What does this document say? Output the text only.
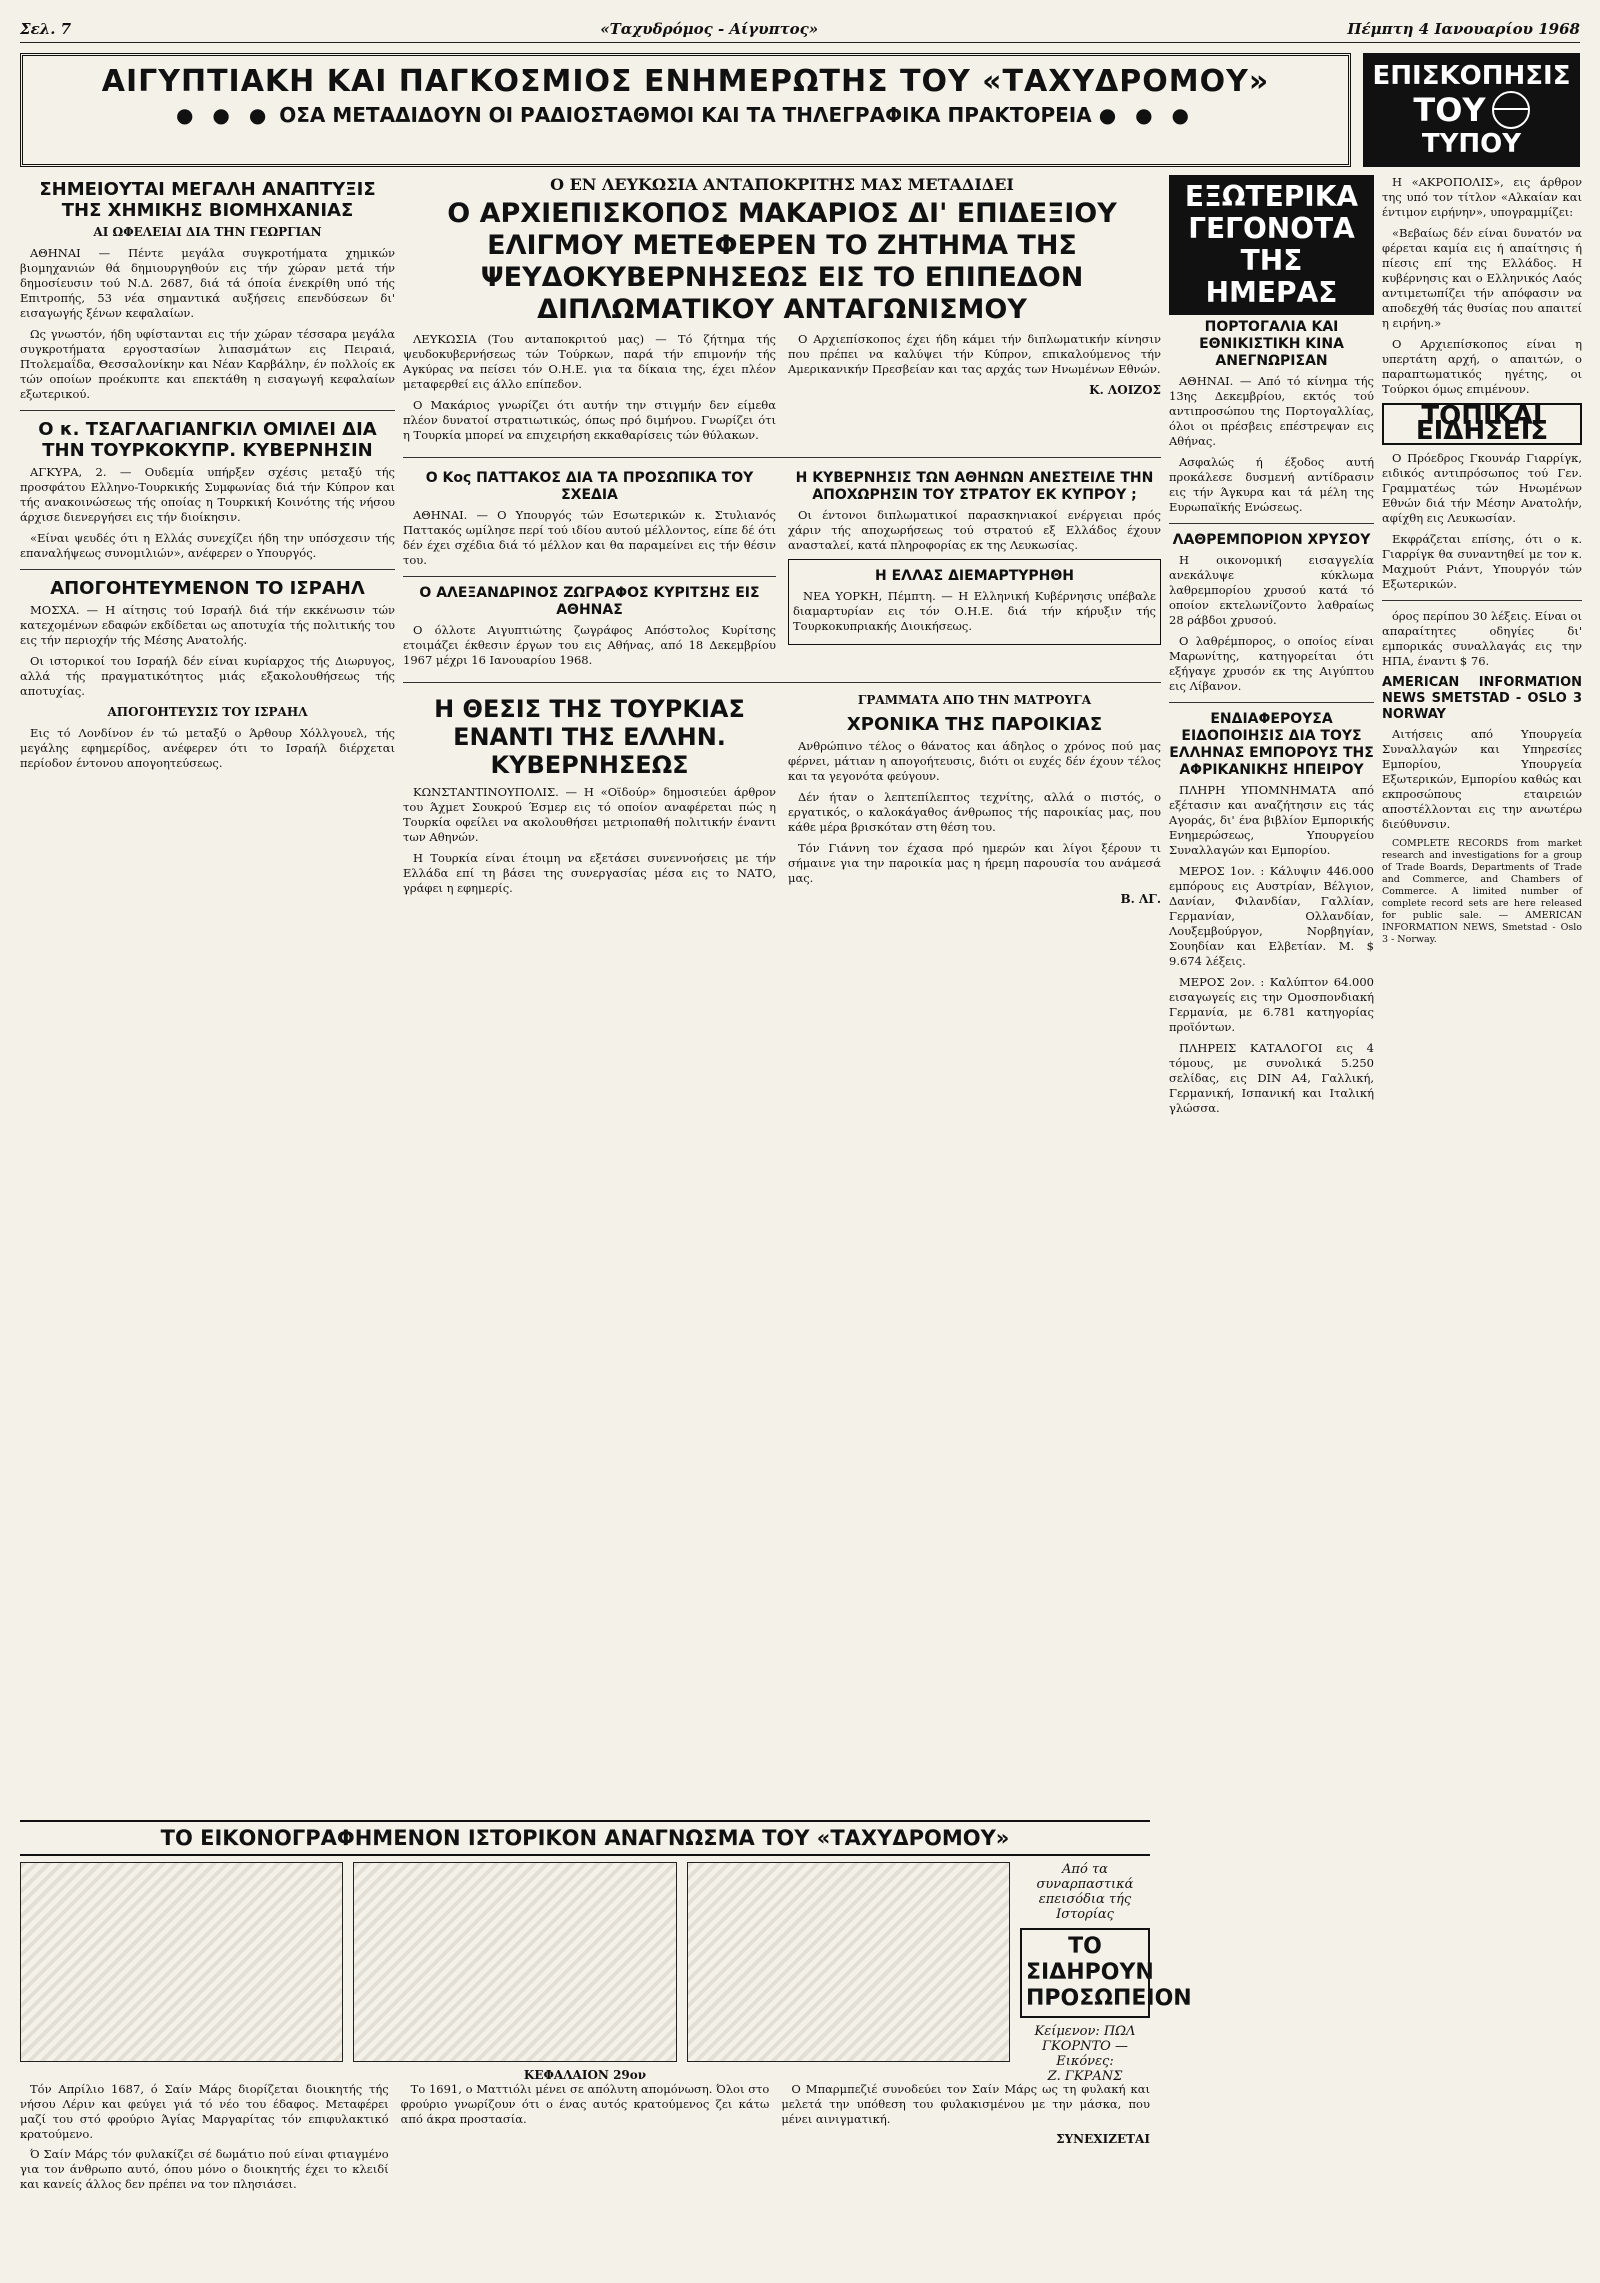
Σελ. 7	«Ταχυδρόμος - Αίγυπτος»	Πέμπτη 4 Ιανουαρίου 1968
ΑΙΓΥΠΤΙΑΚΗ ΚΑΙ ΠΑΓΚΟΣΜΙΟΣ ΕΝΗΜΕΡΩΤΗΣ ΤΟΥ «ΤΑΧΥΔΡΟΜΟΥ»
● ● ● ΟΣΑ ΜΕΤΑΔΙΔΟΥΝ ΟΙ ΡΑΔΙΟΣΤΑΘΜΟΙ ΚΑΙ ΤΑ ΤΗΛΕΓΡΑΦΙΚΑ ΠΡΑΚΤΟΡΕΙΑ ● ● ●
ΕΠΙΣΚΟΠΗΣΙΣ
ΤΟΥ
ΤΥΠΟΥ
ΣΗΜΕΙΟΥΤΑΙ ΜΕΓΑΛΗ ΑΝΑΠΤΥΞΙΣ ΤΗΣ ΧΗΜΙΚΗΣ ΒΙΟΜΗΧΑΝΙΑΣ
ΑΙ ΩΦΕΛΕΙΑΙ ΔΙΑ ΤΗΝ ΓΕΩΡΓΙΑΝ

ΑΘΗΝΑΙ — Πέντε μεγάλα συγκροτήματα χημικών βιομηχανιών θά δημιουργηθούν εις τήν χώραν μετά τήν δημοσίευσιν τού Ν.Δ. 2687, διά τά όποία ένεκρίθη υπό τής Επιτροπής, 53 νέα σημαντικά αυξήσεις επενδύσεων δι' εισαγωγής ξένων κεφαλαίων.

Ως γνωστόν, ήδη υφίστανται εις τήν χώραν τέσσαρα μεγάλα συγκροτήματα εργοστασίων λιπασμάτων εις Πειραιά, Πτολεμαΐδα, Θεσσαλονίκην και Νέαν Καρβάλην, έν πολλοίς εκ τών οποίων προέκυπτε και επεκτάθη η εισαγωγή κεφαλαίων εξωτερικού.

Ο κ. ΤΣΑΓΛΑΓΙΑΝΓΚΙΛ ΟΜΙΛΕΙ ΔΙΑ ΤΗΝ ΤΟΥΡΚΟΚΥΠΡ. ΚΥΒΕΡΝΗΣΙΝ

ΑΓΚΥΡΑ, 2. — Ουδεμία υπήρξεν σχέσις μεταξύ τής προσφάτου Ελληνο-Τουρκικής Συμφωνίας διά τήν Κύπρον και τής ανακοινώσεως τής οποίας η Τουρκική Κοινότης τής νήσου άρχισε διενεργήσει εις τήν διοίκησιν.

«Είναι ψευδές ότι η Ελλάς συνεχίζει ήδη την υπόσχεσιν τής επαναλήψεως συνομιλιών», ανέφερεν ο Υπουργός.

ΑΠΟΓΟΗΤΕΥΜΕΝΟΝ ΤΟ ΙΣΡΑΗΛ

ΜΟΣΧΑ. — Η αίτησις τού Ισραήλ διά τήν εκκένωσιν τών κατεχομένων εδαφών εκδίδεται ως αποτυχία τής πολιτικής του εις τήν περιοχήν τής Μέσης Ανατολής.

Οι ιστορικοί του Ισραήλ δέν είναι κυρίαρχος τής Διωρυγος, αλλά τής πραγματικότητος μιάς εξακολουθήσεως τής αποτυχίας.

ΑΠΟΓΟΗΤΕΥΣΙΣ ΤΟΥ ΙΣΡΑΗΛ

Εις τό Λονδίνον έν τώ μεταξύ ο Άρθουρ Χόλλγουελ, τής μεγάλης εφημερίδος, ανέφερεν ότι το Ισραήλ διέρχεται περίοδον έντονου απογοητεύσεως.

Ο ΕΝ ΛΕΥΚΩΣΙΑ ΑΝΤΑΠΟΚΡΙΤΗΣ ΜΑΣ ΜΕΤΑΔΙΔΕΙ
Ο ΑΡΧΙΕΠΙΣΚΟΠΟΣ ΜΑΚΑΡΙΟΣ ΔΙ' ΕΠΙΔΕΞΙΟΥ ΕΛΙΓΜΟΥ ΜΕΤΕΦΕΡΕΝ ΤΟ ΖΗΤΗΜΑ ΤΗΣ ΨΕΥΔΟΚΥΒΕΡΝΗΣΕΩΣ ΕΙΣ ΤΟ ΕΠΙΠΕΔΟΝ ΔΙΠΛΩΜΑΤΙΚΟΥ ΑΝΤΑΓΩΝΙΣΜΟΥ

ΛΕΥΚΩΣΙΑ (Του ανταποκριτού μας) — Τό ζήτημα τής ψευδοκυβερνήσεως τών Τούρκων, παρά τήν επιμονήν τής Αγκύρας να πείσει τόν Ο.Η.Ε. για τα δίκαια της, έχει πλέον μεταφερθεί εις άλλο επίπεδον.

Ο Μακάριος γνωρίζει ότι αυτήν την στιγμήν δεν είμεθα πλέον δυνατοί στρατιωτικώς, όπως πρό διμήνου. Γνωρίζει ότι η Τουρκία μπορεί να επιχειρήση εκκαθαρίσεις τών θύλακων.

Ο Αρχιεπίσκοπος έχει ήδη κάμει τήν διπλωματικήν κίνησιν που πρέπει να καλύψει τήν Κύπρον, επικαλούμενος τήν Αμερικανικήν Πρεσβείαν και τας αρχάς των Ηνωμένων Εθνών.

Κ. ΛΟΙΖΟΣ
Ο Κος ΠΑΤΤΑΚΟΣ ΔΙΑ ΤΑ ΠΡΟΣΩΠΙΚΑ ΤΟΥ ΣΧΕΔΙΑ

ΑΘΗΝΑΙ. — Ο Υπουργός τών Εσωτερικών κ. Στυλιανός Παττακός ωμίλησε περί τού ιδίου αυτού μέλλοντος, είπε δέ ότι δέν έχει σχέδια διά τό μέλλον και θα παραμείνει εις τήν θέσιν του.

Ο ΑΛΕΞΑΝΔΡΙΝΟΣ ΖΩΓΡΑΦΟΣ ΚΥΡΙΤΣΗΣ ΕΙΣ ΑΘΗΝΑΣ

Ο όλλοτε Αιγυπτιώτης ζωγράφος Απόστολος Κυρίτσης ετοιμάζει έκθεσιν έργων του εις Αθήνας, από 18 Δεκεμβρίου 1967 μέχρι 16 Ιανουαρίου 1968.

Η ΚΥΒΕΡΝΗΣΙΣ ΤΩΝ ΑΘΗΝΩΝ ΑΝΕΣΤΕΙΛΕ ΤΗΝ ΑΠΟΧΩΡΗΣΙΝ ΤΟΥ ΣΤΡΑΤΟΥ ΕΚ ΚΥΠΡΟΥ ;

Οι έντονοι διπλωματικοί παρασκηνιακοί ενέργειαι πρός χάριν τής αποχωρήσεως τού στρατού εξ Ελλάδος έχουν ανασταλεί, κατά πληροφορίας εκ της Λευκωσίας.

Η ΕΛΛΑΣ ΔΙΕΜΑΡΤΥΡΗΘΗ

ΝΕΑ ΥΟΡΚΗ, Πέμπτη. — Η Ελληνική Κυβέρνησις υπέβαλε διαμαρτυρίαν εις τόν Ο.Η.Ε. διά τήν κήρυξιν τής Τουρκοκυπριακής Διοικήσεως.

Η ΘΕΣΙΣ ΤΗΣ ΤΟΥΡΚΙΑΣ ΕΝΑΝΤΙ ΤΗΣ ΕΛΛΗΝ. ΚΥΒΕΡΝΗΣΕΩΣ

ΚΩΝΣΤΑΝΤΙΝΟΥΠΟΛΙΣ. — Η «Οϊδούρ» δημοσιεύει άρθρον του Άχμετ Σουκρού Έσμερ εις τό οποίον αναφέρεται πώς η Τουρκία οφείλει να ακολουθήσει μετριοπαθή πολιτικήν έναντι των Αθηνών.

Η Τουρκία είναι έτοιμη να εξετάσει συνεννοήσεις με τήν Ελλάδα επί τη βάσει της συνεργασίας μέσα εις το ΝΑΤΟ, γράφει η εφημερίς.

ΓΡΑΜΜΑΤΑ ΑΠΟ ΤΗΝ ΜΑΤΡΟΥΓΑ
ΧΡΟΝΙΚΑ ΤΗΣ ΠΑΡΟΙΚΙΑΣ

Ανθρώπινο τέλος ο θάνατος και άδηλος ο χρόνος πού μας φέρνει, μάτιαν η απογοήτευσις, διότι οι ευχές δέν έχουν τέλος και τα γεγονότα φεύγουν.

Δέν ήταν ο λεπτεπίλεπτος τεχνίτης, αλλά ο πιστός, ο εργατικός, ο καλοκάγαθος άνθρωπος τής παροικίας μας, που κάθε μέρα βρισκόταν στη θέση του.

Τόν Γιάννη τον έχασα πρό ημερών και λίγοι ξέρουν τι σήμαινε για την παροικία μας η ήρεμη παρουσία του ανάμεσά μας.

Β. ΛΓ.
ΕΞΩΤΕΡΙΚΑ ΓΕΓΟΝΟΤΑ ΤΗΣ ΗΜΕΡΑΣ
ΠΟΡΤΟΓΑΛΙΑ ΚΑΙ ΕΘΝΙΚΙΣΤΙΚΗ ΚΙΝΑ ΑΝΕΓΝΩΡΙΣΑΝ

ΑΘΗΝΑΙ. — Από τό κίνημα τής 13ης Δεκεμβρίου, εκτός τού αντιπροσώπου της Πορτογαλλίας, όλοι οι πρέσβεις επέστρεψαν εις Αθήνας.

Ασφαλώς ή έξοδος αυτή προκάλεσε δυσμενή αντίδρασιν εις τήν Άγκυρα και τά μέλη της Ευρωπαϊκής Ενώσεως.

ΛΑΘΡΕΜΠΟΡΙΟΝ ΧΡΥΣΟΥ

Η οικονομική εισαγγελία ανεκάλυψε κύκλωμα λαθρεμπορίου χρυσού κατά τό οποίον εκτελωνίζοντο λαθραίως 28 ράβδοι χρυσού.

Ο λαθρέμπορος, ο οποίος είναι Μαρωνίτης, κατηγορείται ότι εξήγαγε χρυσόν εκ της Αιγύπτου εις Λίβανον.

ΕΝΔΙΑΦΕΡΟΥΣΑ ΕΙΔΟΠΟΙΗΣΙΣ ΔΙΑ ΤΟΥΣ ΕΛΛΗΝΑΣ ΕΜΠΟΡΟΥΣ ΤΗΣ ΑΦΡΙΚΑΝΙΚΗΣ ΗΠΕΙΡΟΥ

ΠΛΗΡΗ ΥΠΟΜΝΗΜΑΤΑ από εξέτασιν και αναζήτησιν εις τάς Αγοράς, δι' ένα βιβλίον Εμπορικής Ενημερώσεως, Υπουργείου Συναλλαγών και Εμπορίου.

ΜΕΡΟΣ 1ον. : Κάλυψιν 446.000 εμπόρους εις Αυστρίαν, Βέλγιον, Δανίαν, Φιλανδίαν, Γαλλίαν, Γερμανίαν, Ολλανδίαν, Λουξεμβούργον, Νορβηγίαν, Σουηδίαν και Ελβετίαν. Μ. $ 9.674 λέξεις.

ΜΕΡΟΣ 2ον. : Καλύπτον 64.000 εισαγωγείς εις την Ομοσπονδιακή Γερμανία, με 6.781 κατηγορίας προϊόντων.

ΠΛΗΡΕΙΣ ΚΑΤΑΛΟΓΟΙ εις 4 τόμους, με συνολικά 5.250 σελίδας, εις DIN A4, Γαλλική, Γερμανική, Ισπανική και Ιταλική γλώσσα.

Η «ΑΚΡΟΠΟΛΙΣ», εις άρθρον της υπό τον τίτλον «Αλκαίαν και έντιμον ειρήνην», υπογραμμίζει:

«Βεβαίως δέν είναι δυνατόν να φέρεται καμία εις ή απαίτησις ή πίεσις επί της Ελλάδος. Η κυβέρνησις και ο Ελληνικός Λαός αντιμετωπίζει τήν απόφασιν να αποδεχθή τάς θυσίας που απαιτεί η ειρήνη.»

Ο Αρχιεπίσκοπος είναι η υπερτάτη αρχή, ο απαιτών, ο παραπτωματικός ηγέτης, οι Τούρκοι όμως επιμένουν.

ΤΟΠΙΚΑΙ ΕΙΔΗΣΕΙΣ

Ο Πρόεδρος Γκουνάρ Γιαρρίγκ, ειδικός αντιπρόσωπος τού Γεν. Γραμματέως τών Ηνωμένων Εθνών διά τήν Μέσην Ανατολήν, αφίχθη εις Λευκωσίαν.

Εκφράζεται επίσης, ότι ο κ. Γιαρρίγκ θα συναντηθεί με τον κ. Μαχμούτ Ριάντ, Υπουργόν τών Εξωτερικών.

όρος περίπου 30 λέξεις. Είναι οι απαραίτητες οδηγίες δι' εμπορικάς συναλλαγάς εις την ΗΠΑ, έναντι $ 76.

AMERICAN INFORMATION NEWS SMETSTAD - OSLO 3 NORWAY

Αιτήσεις από Υπουργεία Συναλλαγών και Υπηρεσίες Εμπορίου, Υπουργεία Εξωτερικών, Εμπορίου καθώς και εκπροσώπους εταιρειών αποστέλλονται εις την ανωτέρω διεύθυνσιν.

COMPLETE RECORDS from market research and investigations for a group of Trade Boards, Departments of Trade and Commerce, and Chambers of Commerce. A limited number of complete record sets are here released for public sale. — AMERICAN INFORMATION NEWS, Smetstad - Oslo 3 - Norway.

ΤΟ ΕΙΚΟΝΟΓΡΑΦΗΜΕΝΟΝ ΙΣΤΟΡΙΚΟΝ ΑΝΑΓΝΩΣΜΑ ΤΟΥ «ΤΑΧΥΔΡΟΜΟΥ»
Από τα συναρπαστικά επεισόδια τής Ιστορίας
ΤΟ ΣΙΔΗΡΟΥΝ ΠΡΟΣΩΠΕΙΟΝ
Κείμενον: ΠΩΛ ΓΚΟΡΝΤΟ — Εικόνες:
Ζ. ΓΚΡΑΝΣ
ΚΕΦΑΛΑΙΟΝ 29ον

Τόν Απρίλιο 1687, ό Σαίν Μάρς διορίζεται διοικητής τής νήσου Λέριν και φεύγει γιά τό νέο του έδαφος. Μεταφέρει μαζί του στό φρούριο Άγίας Μαργαρίτας τόν επιφυλακτικό κρατούμενο.

Ό Σαίν Μάρς τόν φυλακίζει σέ δωμάτιο πού είναι φτιαγμένο για τον άνθρωπο αυτό, όπου μόνο ο διοικητής έχει το κλειδί και κανείς άλλος δεν πρέπει να τον πλησιάσει.

Το 1691, ο Ματτιόλι μένει σε απόλυτη απομόνωση. Όλοι στο φρούριο γνωρίζουν ότι ο ένας αυτός κρατούμενος ζει κάτω από άκρα προστασία.

Ο Μπαρμπεζιέ συνοδεύει τον Σαίν Μάρς ως τη φυλακή και μελετά την υπόθεση του φυλακισμένου με την μάσκα, που μένει αινιγματική.

ΣΥΝΕΧΙΖΕΤΑΙ
